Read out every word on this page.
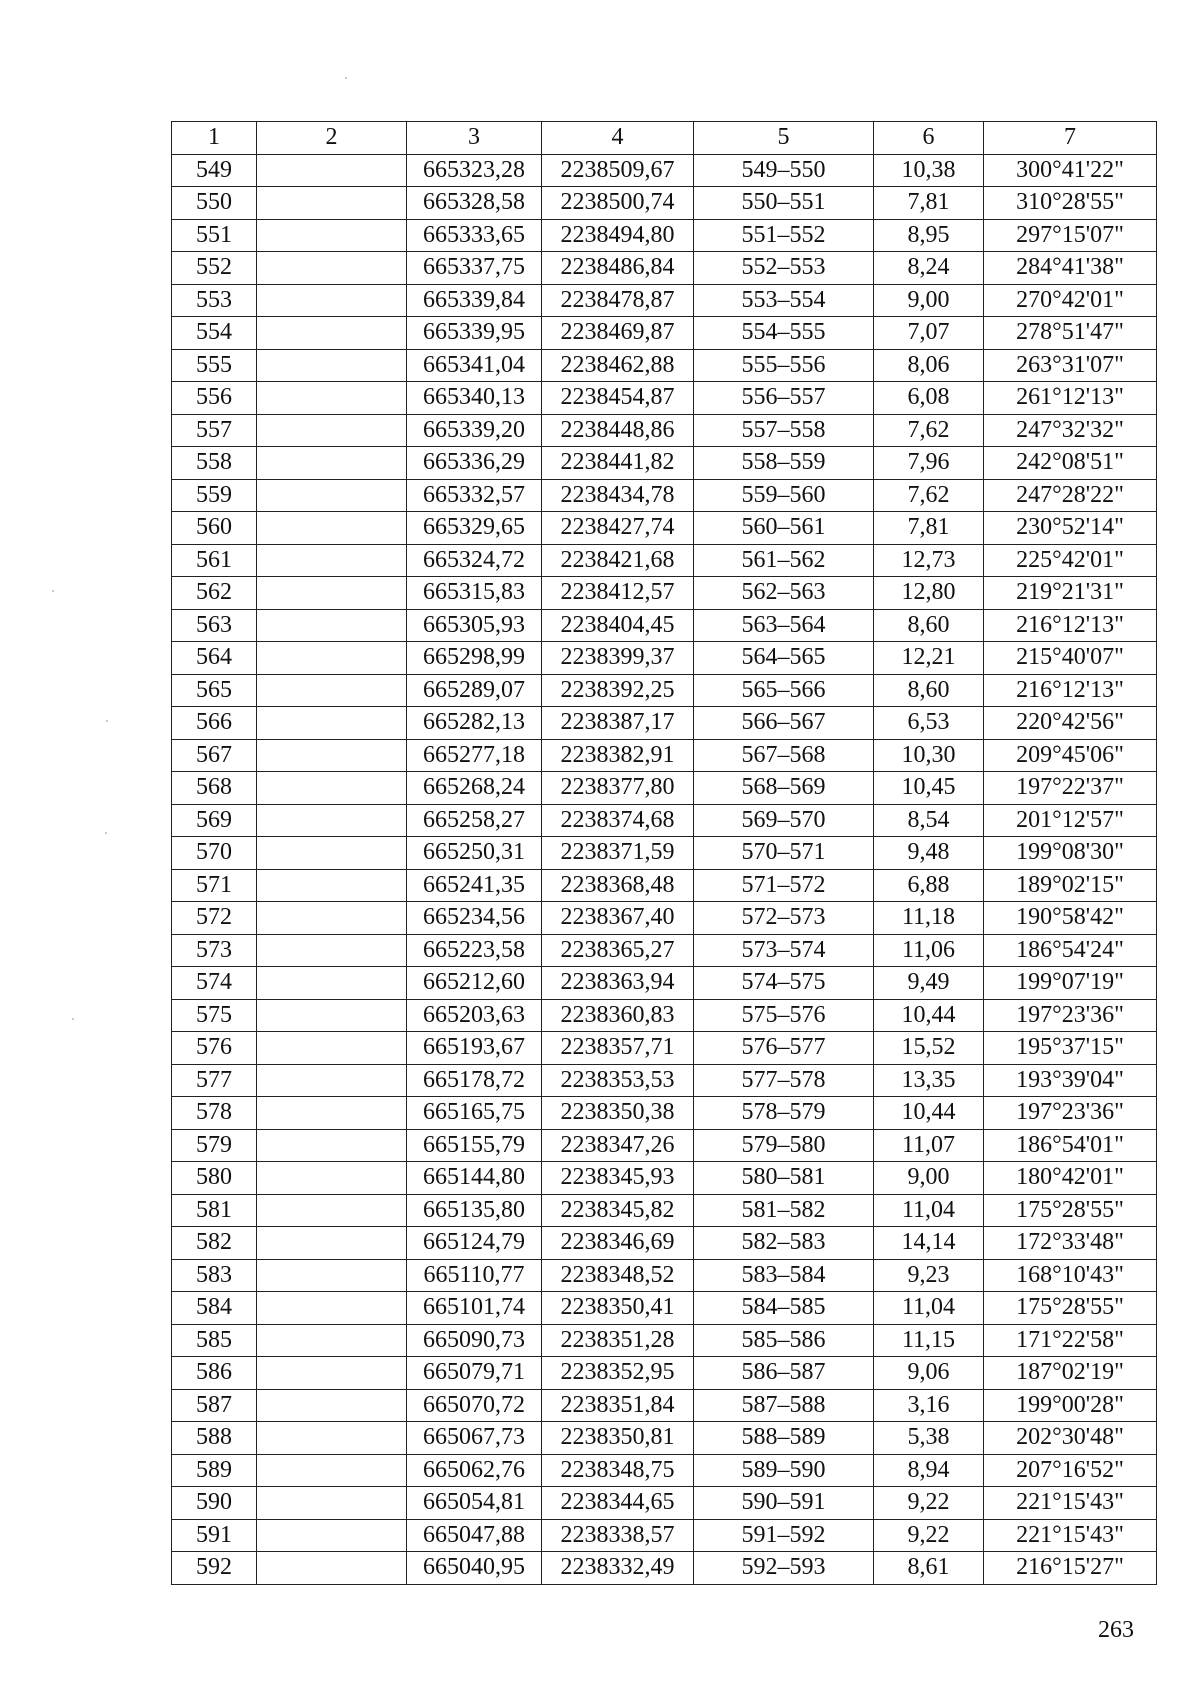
1	2	3	4	5	6	7
549		665323,28	2238509,67	549–550	10,38	300°41'22"
550		665328,58	2238500,74	550–551	7,81	310°28'55"
551		665333,65	2238494,80	551–552	8,95	297°15'07"
552		665337,75	2238486,84	552–553	8,24	284°41'38"
553		665339,84	2238478,87	553–554	9,00	270°42'01"
554		665339,95	2238469,87	554–555	7,07	278°51'47"
555		665341,04	2238462,88	555–556	8,06	263°31'07"
556		665340,13	2238454,87	556–557	6,08	261°12'13"
557		665339,20	2238448,86	557–558	7,62	247°32'32"
558		665336,29	2238441,82	558–559	7,96	242°08'51"
559		665332,57	2238434,78	559–560	7,62	247°28'22"
560		665329,65	2238427,74	560–561	7,81	230°52'14"
561		665324,72	2238421,68	561–562	12,73	225°42'01"
562		665315,83	2238412,57	562–563	12,80	219°21'31"
563		665305,93	2238404,45	563–564	8,60	216°12'13"
564		665298,99	2238399,37	564–565	12,21	215°40'07"
565		665289,07	2238392,25	565–566	8,60	216°12'13"
566		665282,13	2238387,17	566–567	6,53	220°42'56"
567		665277,18	2238382,91	567–568	10,30	209°45'06"
568		665268,24	2238377,80	568–569	10,45	197°22'37"
569		665258,27	2238374,68	569–570	8,54	201°12'57"
570		665250,31	2238371,59	570–571	9,48	199°08'30"
571		665241,35	2238368,48	571–572	6,88	189°02'15"
572		665234,56	2238367,40	572–573	11,18	190°58'42"
573		665223,58	2238365,27	573–574	11,06	186°54'24"
574		665212,60	2238363,94	574–575	9,49	199°07'19"
575		665203,63	2238360,83	575–576	10,44	197°23'36"
576		665193,67	2238357,71	576–577	15,52	195°37'15"
577		665178,72	2238353,53	577–578	13,35	193°39'04"
578		665165,75	2238350,38	578–579	10,44	197°23'36"
579		665155,79	2238347,26	579–580	11,07	186°54'01"
580		665144,80	2238345,93	580–581	9,00	180°42'01"
581		665135,80	2238345,82	581–582	11,04	175°28'55"
582		665124,79	2238346,69	582–583	14,14	172°33'48"
583		665110,77	2238348,52	583–584	9,23	168°10'43"
584		665101,74	2238350,41	584–585	11,04	175°28'55"
585		665090,73	2238351,28	585–586	11,15	171°22'58"
586		665079,71	2238352,95	586–587	9,06	187°02'19"
587		665070,72	2238351,84	587–588	3,16	199°00'28"
588		665067,73	2238350,81	588–589	5,38	202°30'48"
589		665062,76	2238348,75	589–590	8,94	207°16'52"
590		665054,81	2238344,65	590–591	9,22	221°15'43"
591		665047,88	2238338,57	591–592	9,22	221°15'43"
592		665040,95	2238332,49	592–593	8,61	216°15'27"
263
